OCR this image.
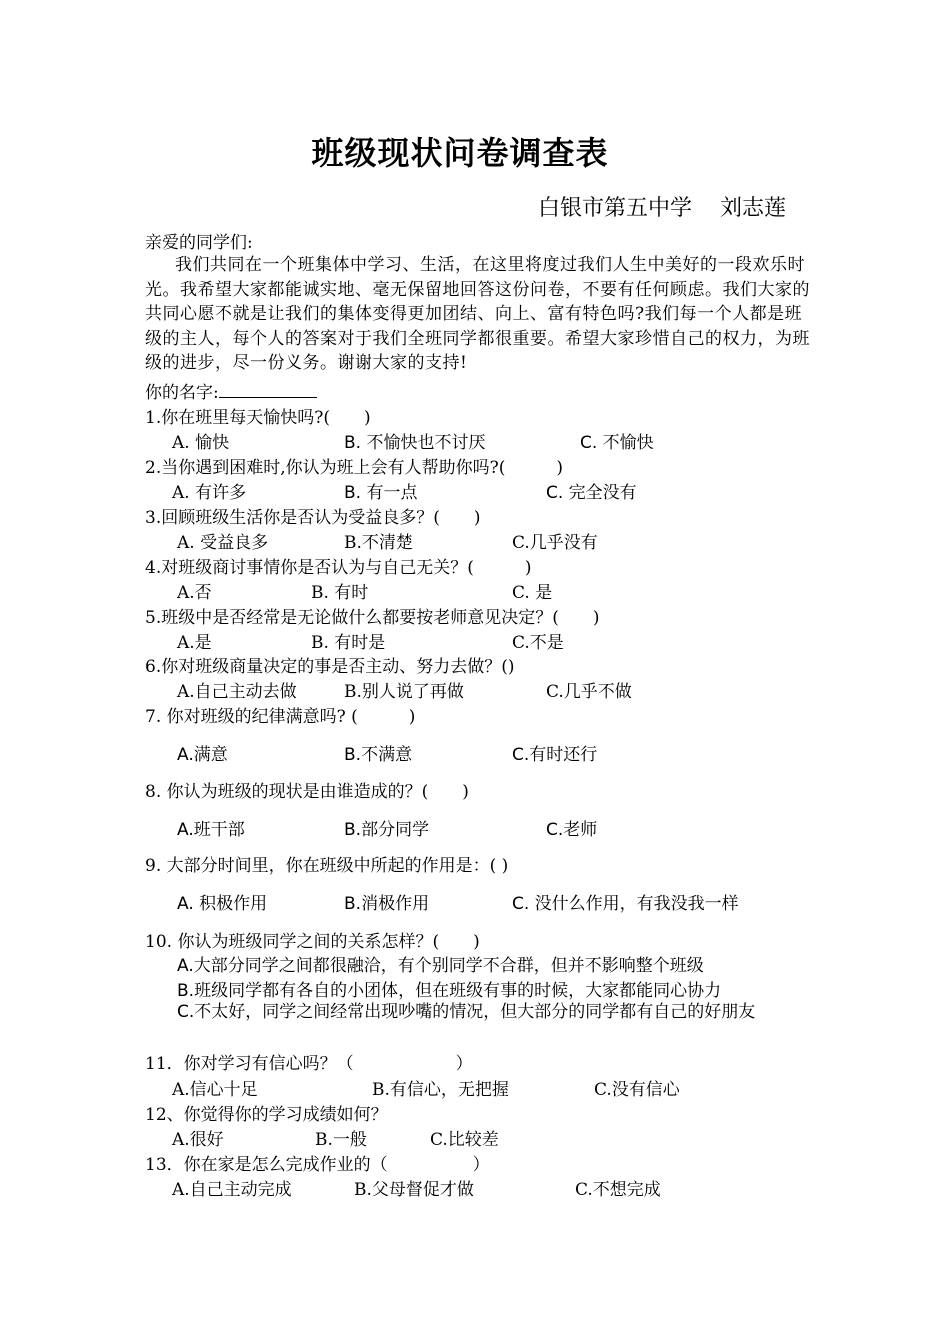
班级现状问卷调查表
白银市第五中学 刘志莲
亲爱的同学们:
我们共同在一个班集体中学习、生活，在这里将度过我们人生中美好的一段欢乐时光。我希望大家都能诚实地、毫无保留地回答这份问卷，不要有任何顾虑。我们大家的共同心愿不就是让我们的集体变得更加团结、向上、富有特色吗?我们每一个人都是班级的主人，每个人的答案对于我们全班同学都很重要。希望大家珍惜自己的权力，为班级的进步，尽一份义务。谢谢大家的支持!
你的名字:
1.你在班里每天愉快吗?(　　)
A. 愉快	B. 不愉快也不讨厌	C. 不愉快
2.当你遇到困难时,你认为班上会有人帮助你吗?(　　　)
A. 有许多	B. 有一点	C. 完全没有
3.回顾班级生活你是否认为受益良多？(　　)
A. 受益良多	B.不清楚	C.几乎没有
4.对班级商讨事情你是否认为与自己无关？(　　　)
A.否	B. 有时	C. 是
5.班级中是否经常是无论做什么都要按老师意见决定？(　　)
A.是	B. 有时是	C.不是
6.你对班级商量决定的事是否主动、努力去做？()
A.自己主动去做	B.别人说了再做	C.几乎不做
7. 你对班级的纪律满意吗? (　　　)
A.满意	B.不满意	C.有时还行
8. 你认为班级的现状是由谁造成的？(　　)
A.班干部	B.部分同学	C.老师
9. 大部分时间里，你在班级中所起的作用是：( )
A. 积极作用	B.消极作用	C. 没什么作用，有我没我一样
10. 你认为班级同学之间的关系怎样？(　　)
A.大部分同学之间都很融洽，有个别同学不合群，但并不影响整个班级
B.班级同学都有各自的小团体，但在班级有事的时候，大家都能同心协力
C.不太好，同学之间经常出现吵嘴的情况，但大部分的同学都有自己的好朋友
11．你对学习有信心吗？（　　　　　　）
A.信心十足	B.有信心，无把握	C.没有信心
12、你觉得你的学习成绩如何？
A.很好	B.一般	C.比较差
13．你在家是怎么完成作业的（　　　　　）
A.自己主动完成	B.父母督促才做	C.不想完成
